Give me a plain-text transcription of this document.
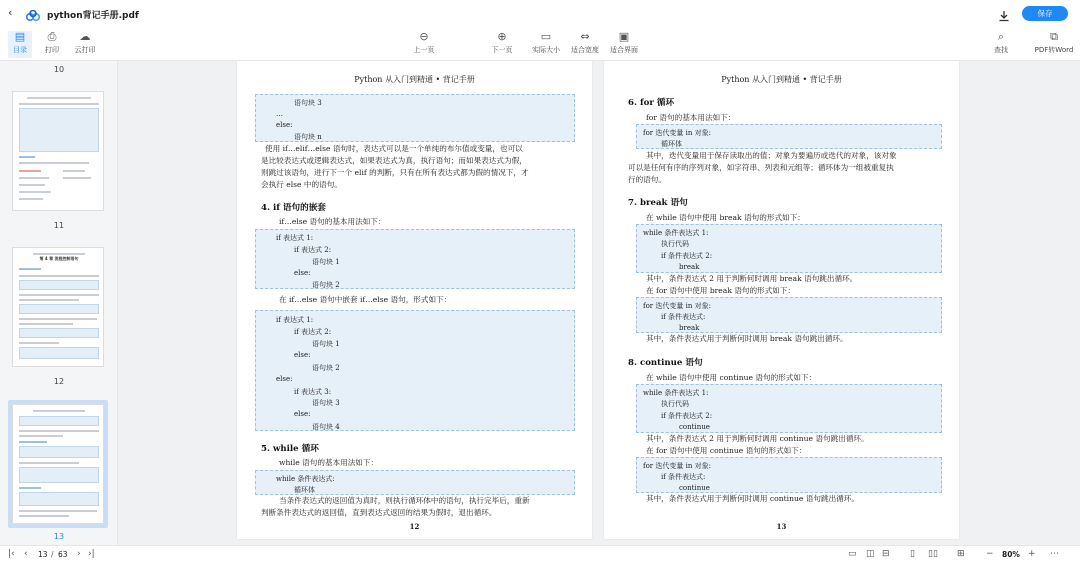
‹	python背记手册.pdf	保存
▤
目录
⎙
打印
☁
云打印
⊖
上一页
⊕
下一页
▭
实际大小
⇔
适合宽度
▣
适合界面
⌕
查找
⧉
PDF转Word
10
11
第 4 章 流程控制语句
12
13
Python 从入门到精通 • 背记手册
语句块 3
…
else:
语句块 n
使用 if…elif…else 语句时，表达式可以是一个单纯的布尔值或变量，也可以
是比较表达式或逻辑表达式，如果表达式为真，执行语句；而如果表达式为假，
则跳过该语句，进行下一个 elif 的判断，只有在所有表达式都为假的情况下，才
会执行 else 中的语句。
4. if 语句的嵌套
if…else 语句的基本用法如下：
if 表达式 1:
if 表达式 2:
语句块 1
else:
语句块 2
在 if…else 语句中嵌套 if…else 语句，形式如下：
if 表达式 1:
if 表达式 2:
语句块 1
else:
语句块 2
else:
if 表达式 3:
语句块 3
else:
语句块 4
5. while 循环
while 语句的基本用法如下：
while 条件表达式:
循环体
当条件表达式的返回值为真时，则执行循环体中的语句，执行完毕后，重新
判断条件表达式的返回值，直到表达式返回的结果为假时，退出循环。
12
Python 从入门到精通 • 背记手册
6. for 循环
for 语句的基本用法如下：
for 迭代变量 in 对象:
循环体
其中，迭代变量用于保存读取出的值；对象为要遍历或迭代的对象，该对象
可以是任何有序的序列对象，如字符串、列表和元组等；循环体为一组被重复执
行的语句。
7. break 语句
在 while 语句中使用 break 语句的形式如下：
while 条件表达式 1:
执行代码
if 条件表达式 2:
break
其中，条件表达式 2 用于判断何时调用 break 语句跳出循环。
在 for 语句中使用 break 语句的形式如下：
for 迭代变量 in 对象:
if 条件表达式:
break
其中，条件表达式用于判断何时调用 break 语句跳出循环。
8. continue 语句
在 while 语句中使用 continue 语句的形式如下：
while 条件表达式 1:
执行代码
if 条件表达式 2:
continue
其中，条件表达式 2 用于判断何时调用 continue 语句跳出循环。
在 for 语句中使用 continue 语句的形式如下：
for 迭代变量 in 对象:
if 条件表达式:
continue
其中，条件表达式用于判断何时调用 continue 语句跳出循环。
13
|‹ ‹ 13 / 63 › ›|	▭ ◫ ⊟ ▯ ▯▯ ⊞ − 80% + ⋯
